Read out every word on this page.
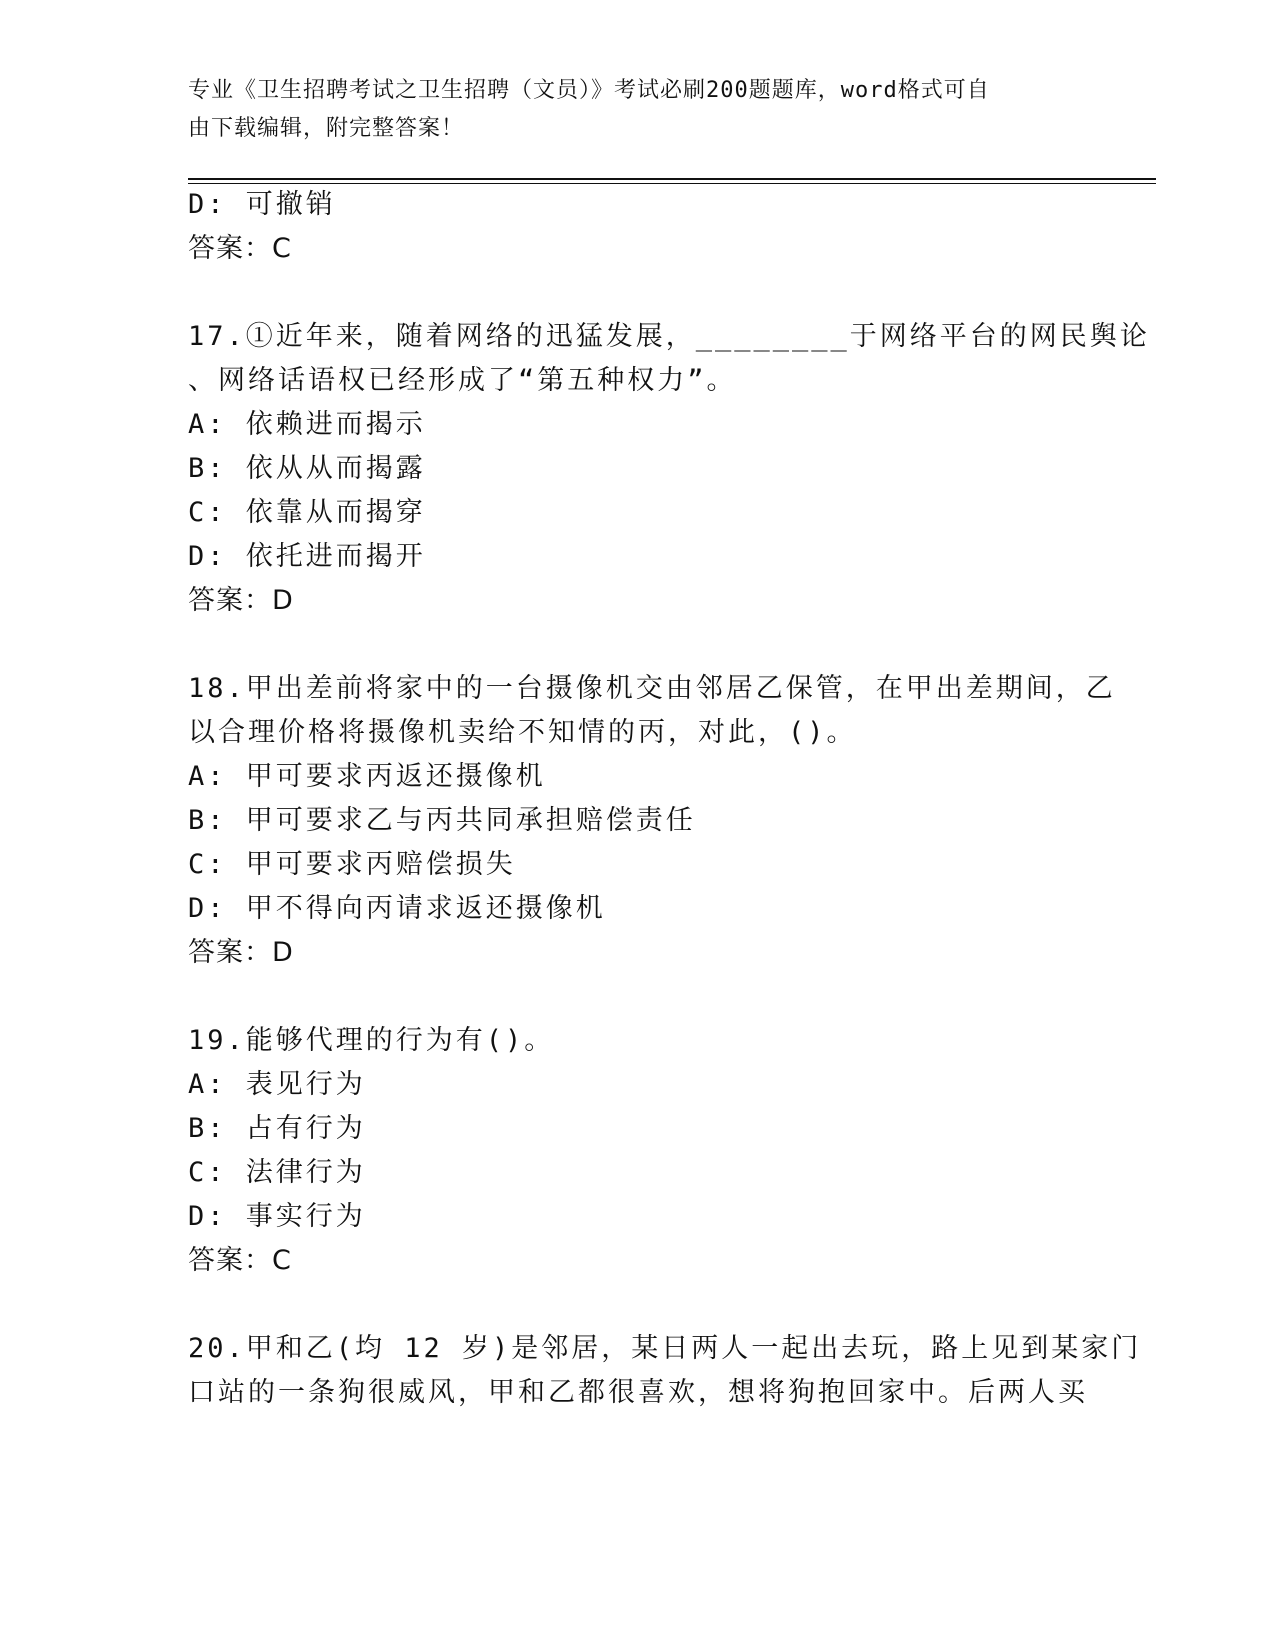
专业《卫生招聘考试之卫生招聘（文员）》考试必刷200题题库，word格式可自
由下载编辑，附完整答案！
D: 可撤销
答案：C
17.①近年来，随着网络的迅猛发展，________于网络平台的网民舆论
、网络话语权已经形成了“第五种权力”。
A: 依赖进而揭示
B: 依从从而揭露
C: 依靠从而揭穿
D: 依托进而揭开
答案：D
18.甲出差前将家中的一台摄像机交由邻居乙保管，在甲出差期间，乙
以合理价格将摄像机卖给不知情的丙，对此，()。
A: 甲可要求丙返还摄像机
B: 甲可要求乙与丙共同承担赔偿责任
C: 甲可要求丙赔偿损失
D: 甲不得向丙请求返还摄像机
答案：D
19.能够代理的行为有()。
A: 表见行为
B: 占有行为
C: 法律行为
D: 事实行为
答案：C
20.甲和乙(均 12 岁)是邻居，某日两人一起出去玩，路上见到某家门
口站的一条狗很威风，甲和乙都很喜欢，想将狗抱回家中。后两人买
